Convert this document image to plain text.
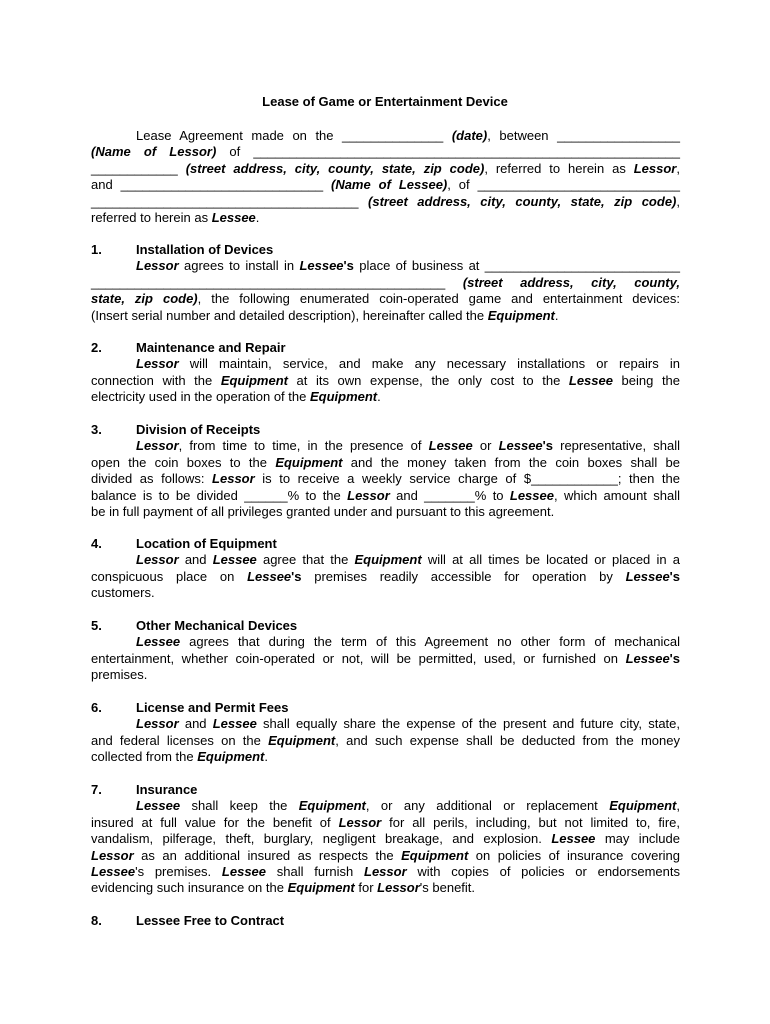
Lease of Game or Entertainment Device

Lease Agreement made on the ______________ (date), between _________________

(Name of Lessor) of ___________________________________________________________

____________ (street address, city, county, state, zip code), referred to herein as Lessor,

and ____________________________ (Name of Lessee), of ____________________________

_____________________________________ (street address, city, county, state, zip code),

referred to herein as Lessee.

1.	Installation of Devices

Lessor agrees to install in Lessee's place of business at ___________________________

_________________________________________________ (street address, city, county,

state, zip code), the following enumerated coin-operated game and entertainment devices:

(Insert serial number and detailed description), hereinafter called the Equipment.

2.	Maintenance and Repair

Lessor will maintain, service, and make any necessary installations or repairs in

connection with the Equipment at its own expense, the only cost to the Lessee being the

electricity used in the operation of the Equipment.

3.	Division of Receipts

Lessor, from time to time, in the presence of Lessee or Lessee's representative, shall

open the coin boxes to the Equipment and the money taken from the coin boxes shall be

divided as follows: Lessor is to receive a weekly service charge of $____________; then the

balance is to be divided ______% to the Lessor and _______% to Lessee, which amount shall

be in full payment of all privileges granted under and pursuant to this agreement.

4.	Location of Equipment

Lessor and Lessee agree that the Equipment will at all times be located or placed in a

conspicuous place on Lessee's premises readily accessible for operation by Lessee's

customers.

5.	Other Mechanical Devices

Lessee agrees that during the term of this Agreement no other form of mechanical

entertainment, whether coin-operated or not, will be permitted, used, or furnished on Lessee's

premises.

6.	License and Permit Fees

Lessor and Lessee shall equally share the expense of the present and future city, state,

and federal licenses on the Equipment, and such expense shall be deducted from the money

collected from the Equipment.

7.	Insurance

Lessee shall keep the Equipment, or any additional or replacement Equipment,

insured at full value for the benefit of Lessor for all perils, including, but not limited to, fire,

vandalism, pilferage, theft, burglary, negligent breakage, and explosion. Lessee may include

Lessor as an additional insured as respects the Equipment on policies of insurance covering

Lessee's premises. Lessee shall furnish Lessor with copies of policies or endorsements

evidencing such insurance on the Equipment for Lessor's benefit.

8.	Lessee Free to Contract
